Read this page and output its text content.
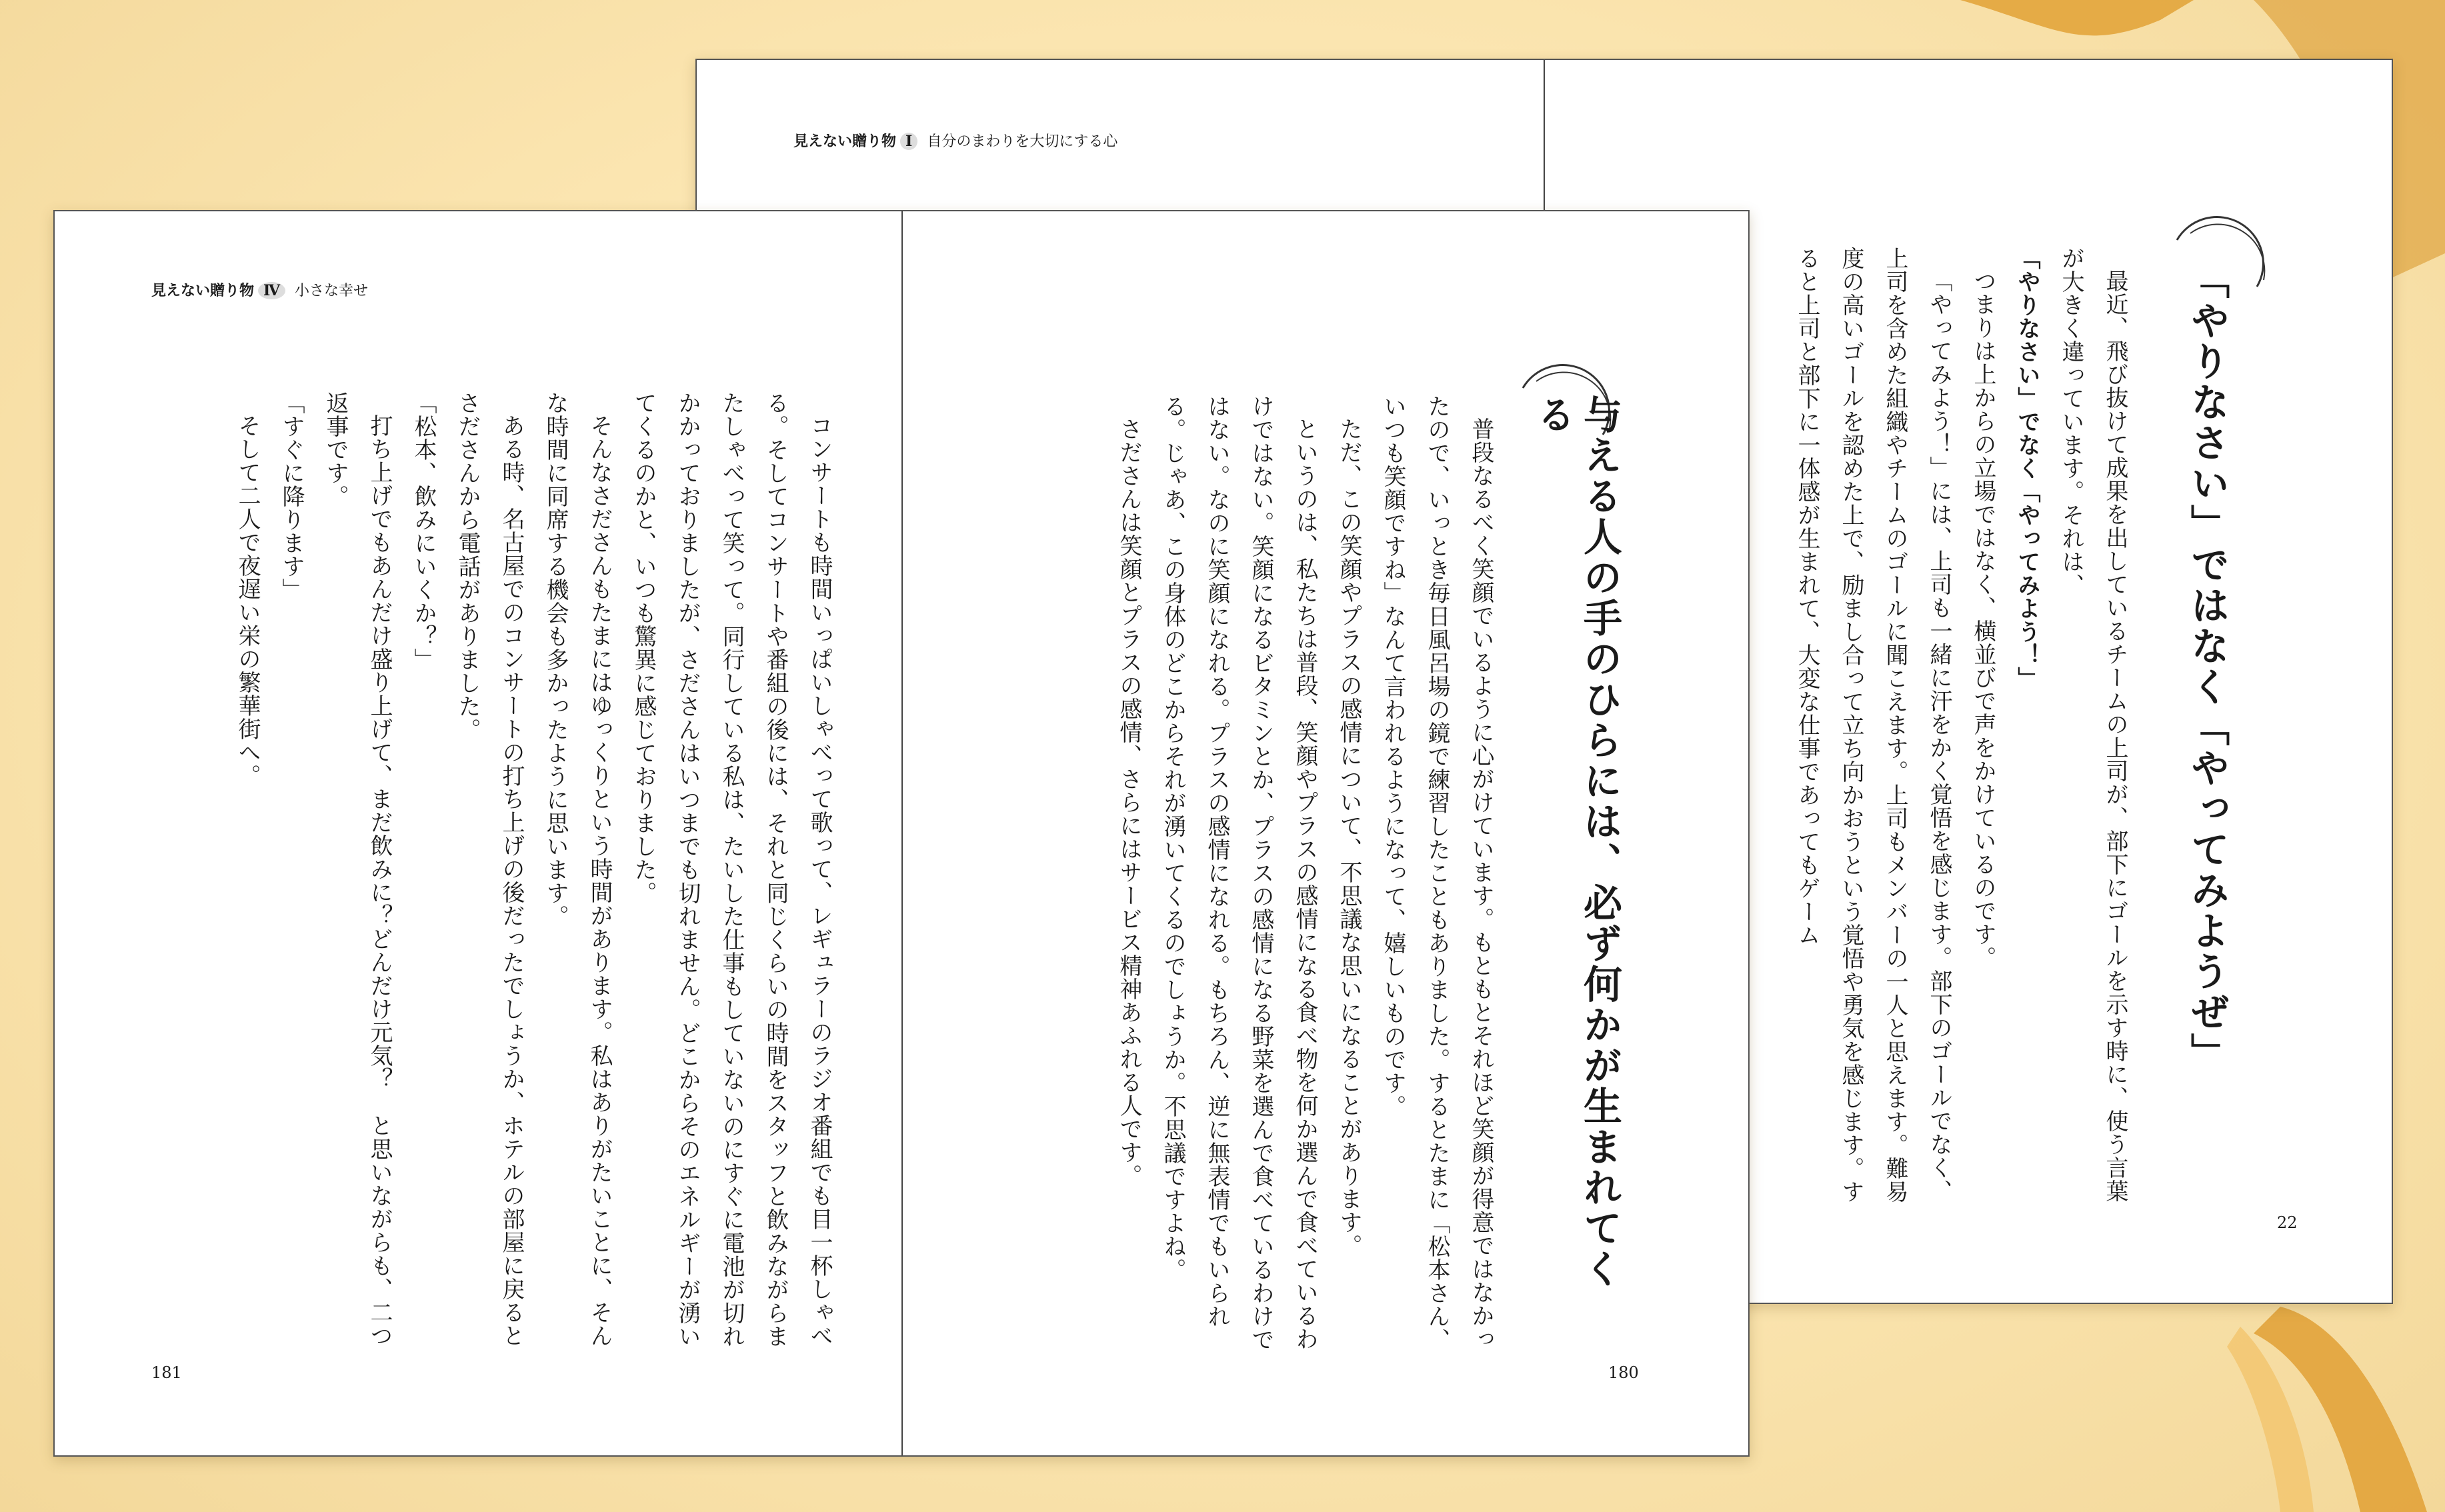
見えない贈り物 Ⅰ 自分のまわりを大切にする心
「やりなさい」ではなく「やってみようぜ」

最近、飛び抜けて成果を出しているチームの上司が、部下にゴールを示す時に、使う言葉が大きく違っています。それは、

「やりなさい」でなく「やってみよう！」

つまりは上からの立場ではなく、横並びで声をかけているのです。

「やってみよう！」には、上司も一緒に汗をかく覚悟を感じます。部下のゴールでなく、上司を含めた組織やチームのゴールに聞こえます。上司もメンバーの一人と思えます。難易度の高いゴールを認めた上で、励まし合って立ち向かおうという覚悟や勇気を感じます。すると上司と部下に一体感が生まれて、大変な仕事であってもゲーム

22
見えない贈り物 Ⅳ 小さな幸せ

コンサートも時間いっぱいしゃべって歌って、レギュラーのラジオ番組でも目一杯しゃべる。そしてコンサートや番組の後には、それと同じくらいの時間をスタッフと飲みながらまたしゃべって笑って。同行している私は、たいした仕事もしていないのにすぐに電池が切れかかっておりましたが、さださんはいつまでも切れません。どこからそのエネルギーが湧いてくるのかと、いつも驚異に感じておりました。

そんなさださんもたまにはゆっくりという時間があります。私はありがたいことに、そんな時間に同席する機会も多かったように思います。

ある時、名古屋でのコンサートの打ち上げの後だったでしょうか、ホテルの部屋に戻るとさださんから電話がありました。

「松本、飲みにいくか？」

打ち上げでもあんだけ盛り上げて、まだ飲みに？どんだけ元気？　と思いながらも、二つ返事です。

「すぐに降ります」

そして二人で夜遅い栄の繁華街へ。

181
与える人の手のひらには、必ず何かが生まれてくる

普段なるべく笑顔でいるように心がけています。もともとそれほど笑顔が得意ではなかったので、いっとき毎日風呂場の鏡で練習したこともありました。するとたまに「松本さん、いつも笑顔ですね」なんて言われるようになって、嬉しいものです。

ただ、この笑顔やプラスの感情について、不思議な思いになることがあります。

というのは、私たちは普段、笑顔やプラスの感情になる食べ物を何か選んで食べているわけではない。笑顔になるビタミンとか、プラスの感情になる野菜を選んで食べているわけではない。なのに笑顔になれる。プラスの感情になれる。もちろん、逆に無表情でもいられる。じゃあ、この身体のどこからそれが湧いてくるのでしょうか。不思議ですよね。

さださんは笑顔とプラスの感情、さらにはサービス精神あふれる人です。

180
